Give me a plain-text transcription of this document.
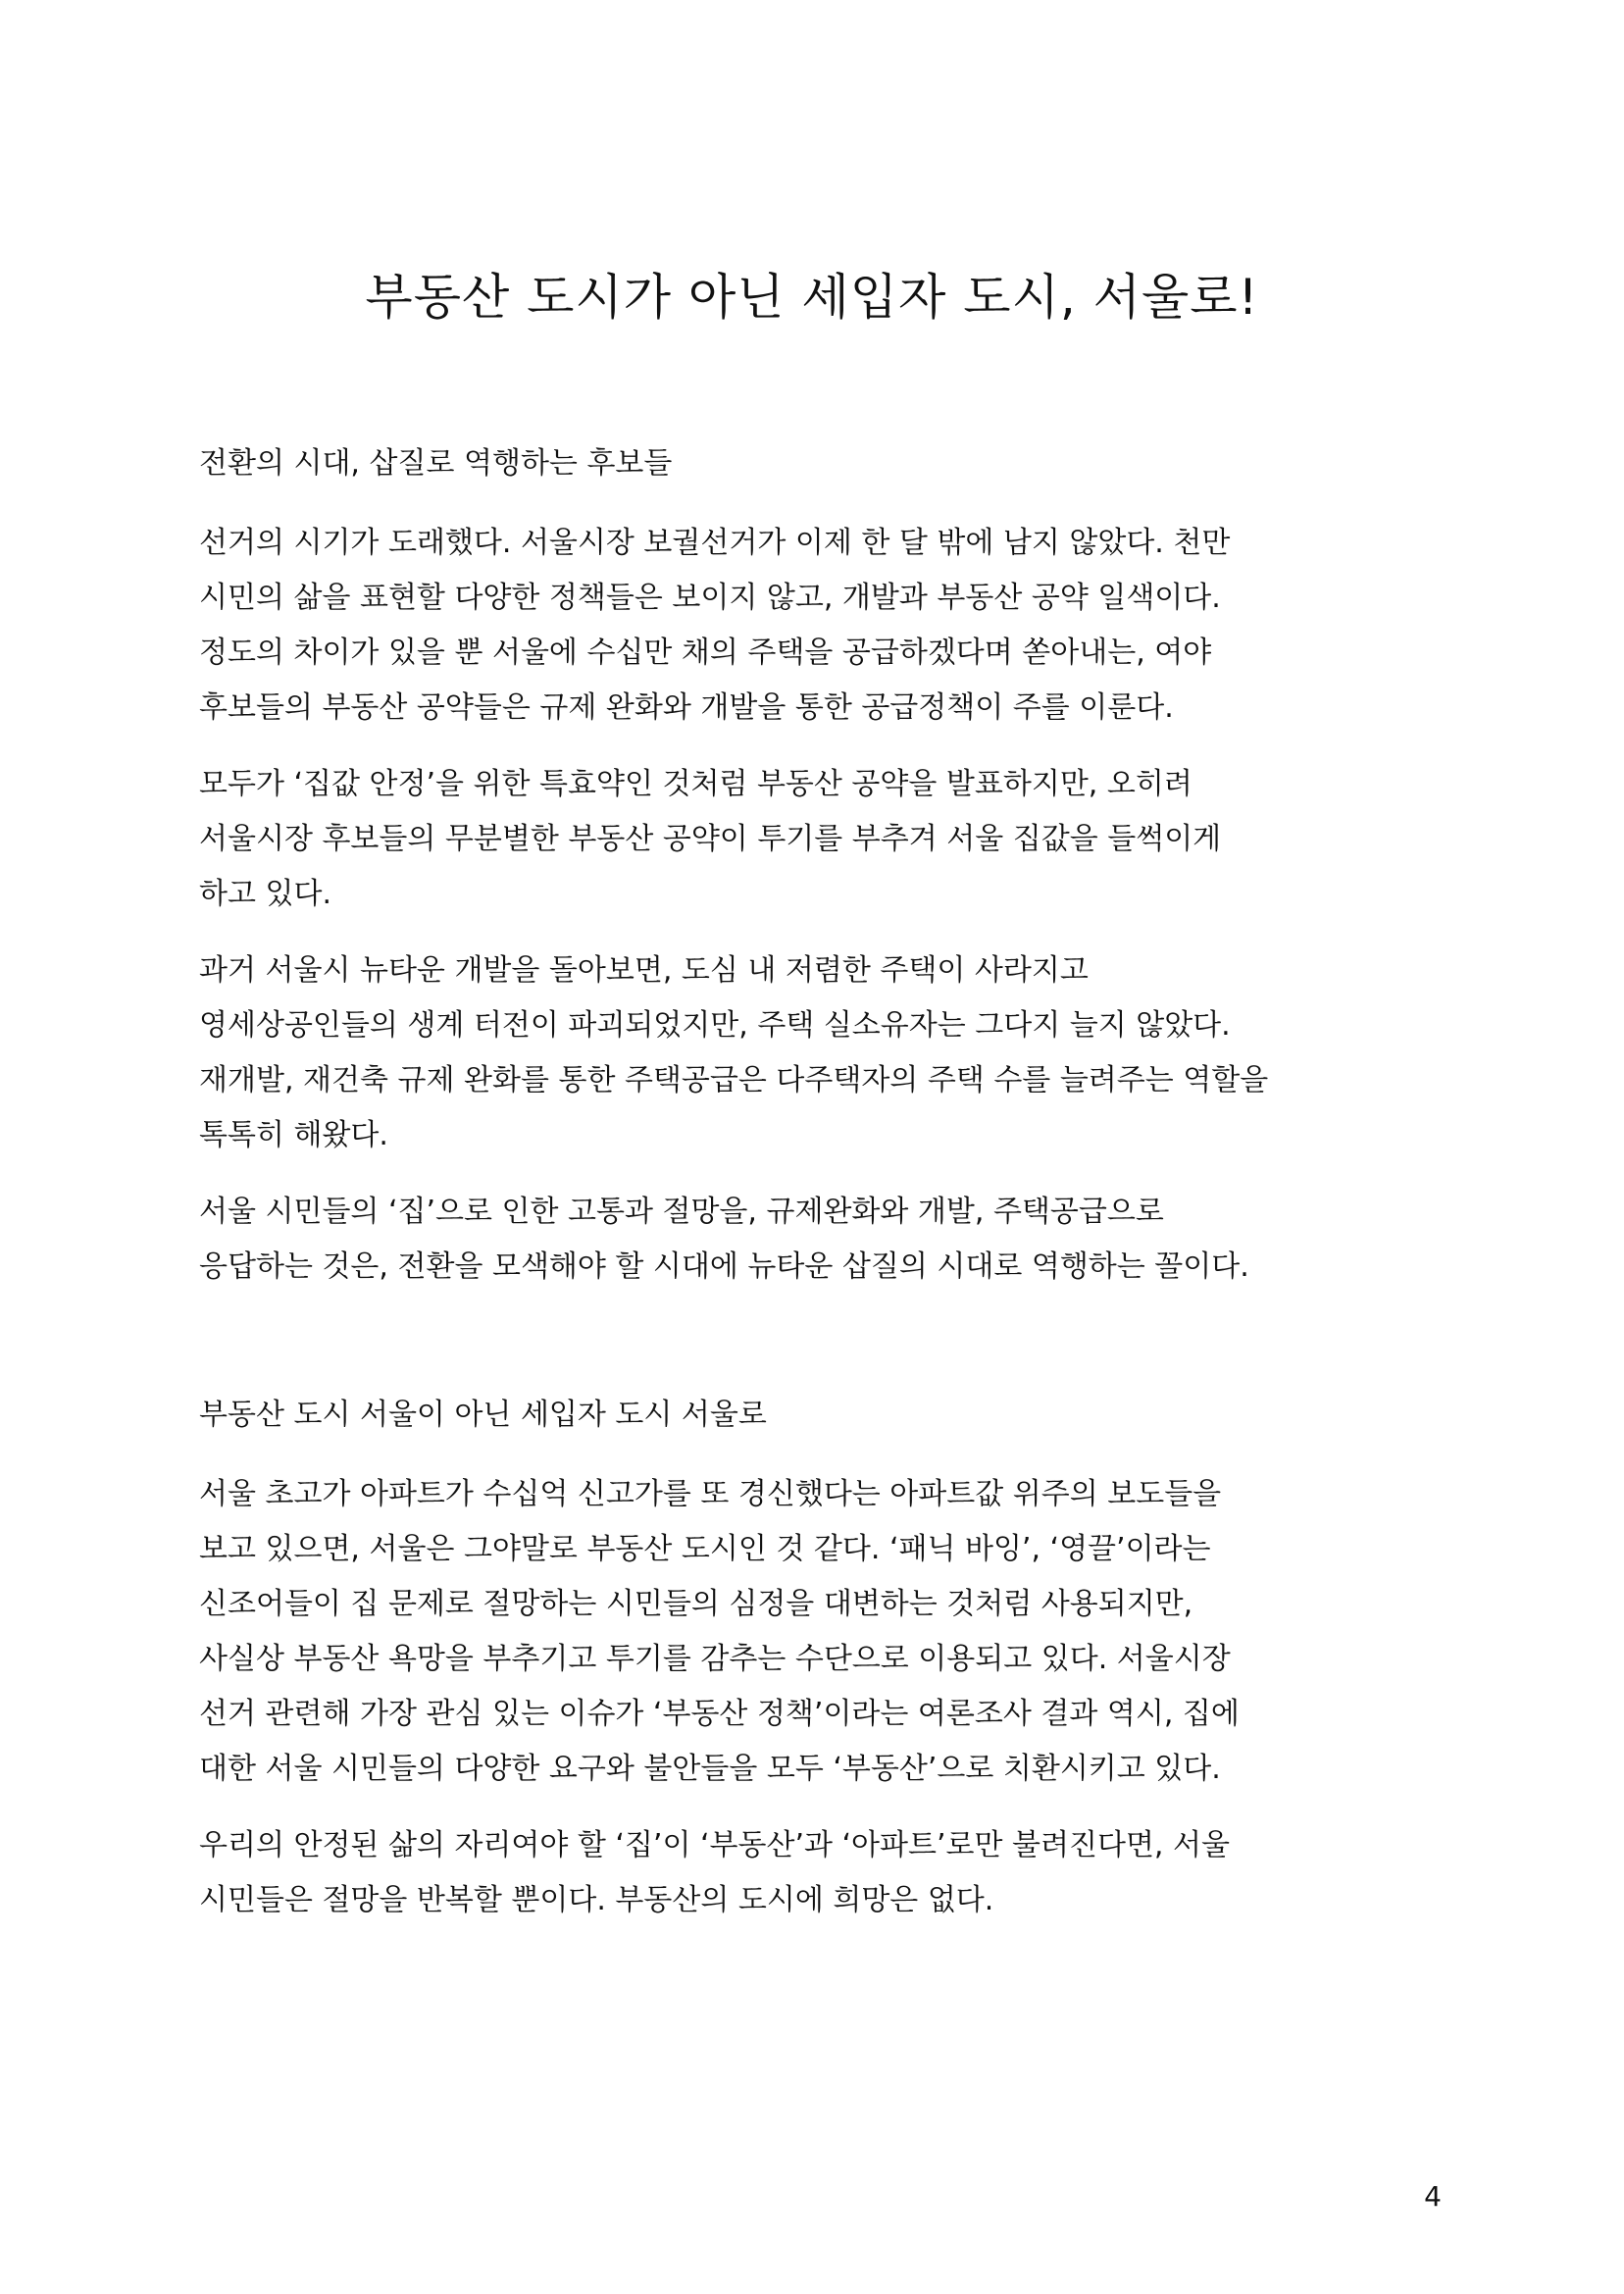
부동산 도시가 아닌 세입자 도시, 서울로!

전환의 시대, 삽질로 역행하는 후보들

선거의 시기가 도래했다. 서울시장 보궐선거가 이제 한 달 밖에 남지 않았다. 천만
시민의 삶을 표현할 다양한 정책들은 보이지 않고, 개발과 부동산 공약 일색이다.
정도의 차이가 있을 뿐 서울에 수십만 채의 주택을 공급하겠다며 쏟아내는, 여야
후보들의 부동산 공약들은 규제 완화와 개발을 통한 공급정책이 주를 이룬다.

모두가 ‘집값 안정’을 위한 특효약인 것처럼 부동산 공약을 발표하지만, 오히려
서울시장 후보들의 무분별한 부동산 공약이 투기를 부추겨 서울 집값을 들썩이게
하고 있다.

과거 서울시 뉴타운 개발을 돌아보면, 도심 내 저렴한 주택이 사라지고
영세상공인들의 생계 터전이 파괴되었지만, 주택 실소유자는 그다지 늘지 않았다.
재개발, 재건축 규제 완화를 통한 주택공급은 다주택자의 주택 수를 늘려주는 역할을
톡톡히 해왔다.

서울 시민들의 ‘집’으로 인한 고통과 절망을, 규제완화와 개발, 주택공급으로
응답하는 것은, 전환을 모색해야 할 시대에 뉴타운 삽질의 시대로 역행하는 꼴이다.

부동산 도시 서울이 아닌 세입자 도시 서울로

서울 초고가 아파트가 수십억 신고가를 또 경신했다는 아파트값 위주의 보도들을
보고 있으면, 서울은 그야말로 부동산 도시인 것 같다. ‘패닉 바잉’, ‘영끌’이라는
신조어들이 집 문제로 절망하는 시민들의 심정을 대변하는 것처럼 사용되지만,
사실상 부동산 욕망을 부추기고 투기를 감추는 수단으로 이용되고 있다. 서울시장
선거 관련해 가장 관심 있는 이슈가 ‘부동산 정책’이라는 여론조사 결과 역시, 집에
대한 서울 시민들의 다양한 요구와 불안들을 모두 ‘부동산’으로 치환시키고 있다.

우리의 안정된 삶의 자리여야 할 ‘집’이 ‘부동산’과 ‘아파트’로만 불려진다면, 서울
시민들은 절망을 반복할 뿐이다. 부동산의 도시에 희망은 없다.

4
